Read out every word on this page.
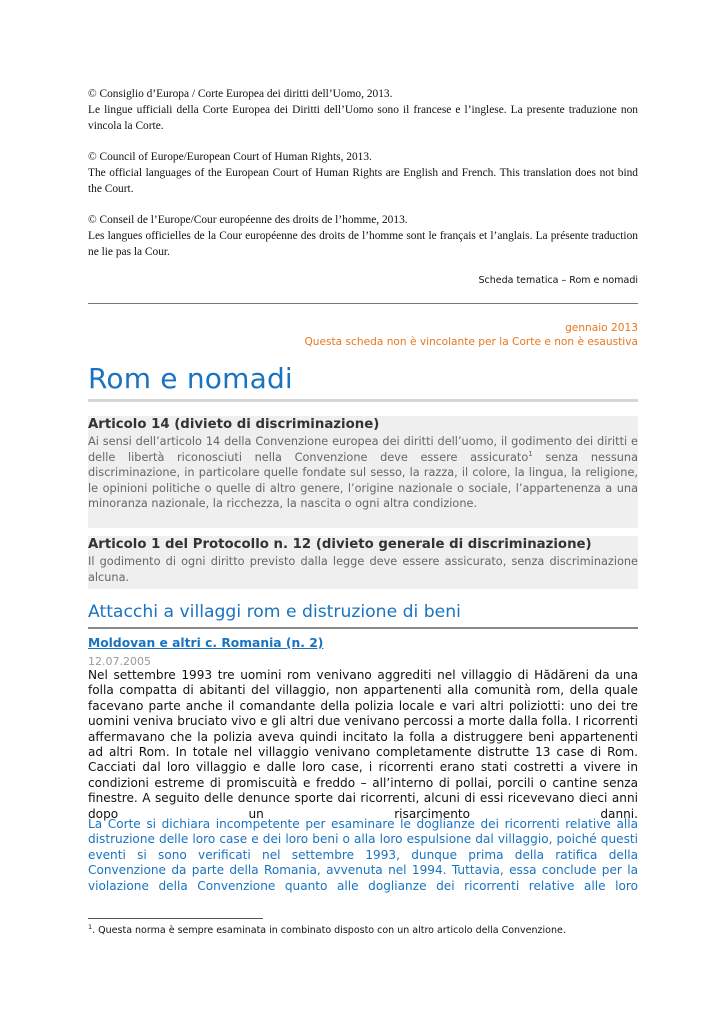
© Consiglio d’Europa / Corte Europea dei diritti dell’Uomo, 2013.

Le lingue ufficiali della Corte Europea dei Diritti dell’Uomo sono il francese e l’inglese. La presente traduzione non vincola la Corte.

© Council of Europe/European Court of Human Rights, 2013.

The official languages of the European Court of Human Rights are English and French. This translation does not bind the Court.

© Conseil de l’Europe/Cour européenne des droits de l’homme, 2013.

Les langues officielles de la Cour européenne des droits de l’homme sont le français et l’anglais. La présente traduction ne lie pas la Cour.

Scheda tematica – Rom e nomadi
gennaio 2013
Questa scheda non è vincolante per la Corte e non è esaustiva
Rom e nomadi
Articolo 14 (divieto di discriminazione)

Ai sensi dell’articolo 14 della Convenzione europea dei diritti dell’uomo, il godimento dei diritti e delle libertà riconosciuti nella Convenzione deve essere assicurato$^1$ senza nessuna discriminazione, in particolare quelle fondate sul sesso, la razza, il colore, la lingua, la religione, le opinioni politiche o quelle di altro genere, l’origine nazionale o sociale, l’appartenenza a una minoranza nazionale, la ricchezza, la nascita o ogni altra condizione.

Articolo 1 del Protocollo n. 12 (divieto generale di discriminazione)

Il godimento di ogni diritto previsto dalla legge deve essere assicurato, senza discriminazione alcuna.

Attacchi a villaggi rom e distruzione di beni
Moldovan e altri c. Romania (n. 2)
12.07.2005

Nel settembre 1993 tre uomini rom venivano aggrediti nel villaggio di Hădăreni da una folla compatta di abitanti del villaggio, non appartenenti alla comunità rom, della quale facevano parte anche il comandante della polizia locale e vari altri poliziotti: uno dei tre uomini veniva bruciato vivo e gli altri due venivano percossi a morte dalla folla. I ricorrenti affermavano che la polizia aveva quindi incitato la folla a distruggere beni appartenenti ad altri Rom. In totale nel villaggio venivano completamente distrutte 13 case di Rom. Cacciati dal loro villaggio e dalle loro case, i ricorrenti erano stati costretti a vivere in condizioni estreme di promiscuità e freddo – all’interno di pollai, porcili o cantine senza finestre. A seguito delle denunce sporte dai ricorrenti, alcuni di essi ricevevano dieci anni dopo un risarcimento danni.

La Corte si dichiara incompetente per esaminare le doglianze dei ricorrenti relative alla distruzione delle loro case e dei loro beni o alla loro espulsione dal villaggio, poiché questi eventi si sono verificati nel settembre 1993, dunque prima della ratifica della Convenzione da parte della Romania, avvenuta nel 1994. Tuttavia, essa conclude per la violazione della Convenzione quanto alle doglianze dei ricorrenti relative alle loro

$^1$. Questa norma è sempre esaminata in combinato disposto con un altro articolo della Convenzione.
